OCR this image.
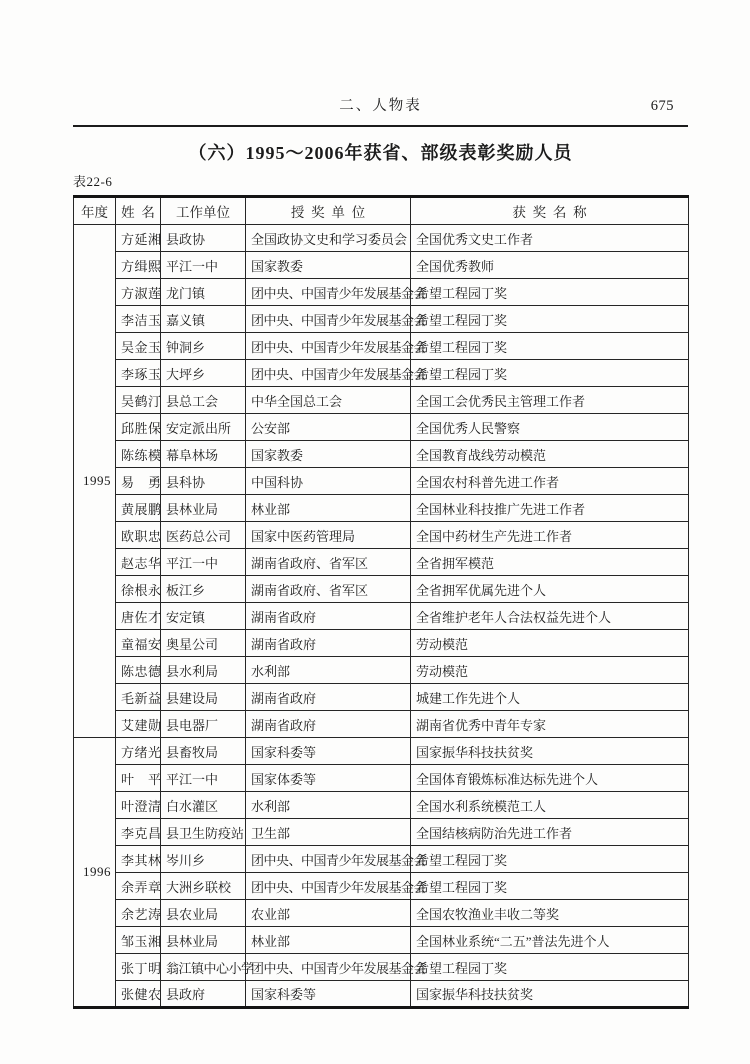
二、人物表	675
（六）1995～2006年获省、部级表彰奖励人员
表22-6
年度	姓 名	工作单位	授 奖 单 位	获 奖 名 称
1995	方延湘	县政协	全国政协文史和学习委员会	全国优秀文史工作者
	方缉熙	平江一中	国家教委	全国优秀教师
	方淑莲	龙门镇	团中央、中国青少年发展基金会	希望工程园丁奖
	李洁玉	嘉义镇	团中央、中国青少年发展基金会	希望工程园丁奖
	吴金玉	钟洞乡	团中央、中国青少年发展基金会	希望工程园丁奖
	李琢玉	大坪乡	团中央、中国青少年发展基金会	希望工程园丁奖
	吴鹤汀	县总工会	中华全国总工会	全国工会优秀民主管理工作者
	邱胜保	安定派出所	公安部	全国优秀人民警察
	陈练模	幕阜林场	国家教委	全国教育战线劳动模范
	易　勇	县科协	中国科协	全国农村科普先进工作者
	黄展鹏	县林业局	林业部	全国林业科技推广先进工作者
	欧职忠	医药总公司	国家中医药管理局	全国中药材生产先进工作者
	赵志华	平江一中	湖南省政府、省军区	全省拥军模范
	徐根永	板江乡	湖南省政府、省军区	全省拥军优属先进个人
	唐佐才	安定镇	湖南省政府	全省维护老年人合法权益先进个人
	童福安	奥星公司	湖南省政府	劳动模范
	陈忠德	县水利局	水利部	劳动模范
	毛新益	县建设局	湖南省政府	城建工作先进个人
	艾建勋	县电器厂	湖南省政府	湖南省优秀中青年专家
1996	方绪光	县畜牧局	国家科委等	国家振华科技扶贫奖
	叶　平	平江一中	国家体委等	全国体育锻炼标准达标先进个人
	叶澄清	白水灌区	水利部	全国水利系统模范工人
	李克昌	县卫生防疫站	卫生部	全国结核病防治先进工作者
	李其林	岑川乡	团中央、中国青少年发展基金会	希望工程园丁奖
	余弄章	大洲乡联校	团中央、中国青少年发展基金会	希望工程园丁奖
	余艺涛	县农业局	农业部	全国农牧渔业丰收二等奖
	邹玉湘	县林业局	林业部	全国林业系统“二五”普法先进个人
	张丁明	翁江镇中心小学	团中央、中国青少年发展基金会	希望工程园丁奖
	张健农	县政府	国家科委等	国家振华科技扶贫奖
